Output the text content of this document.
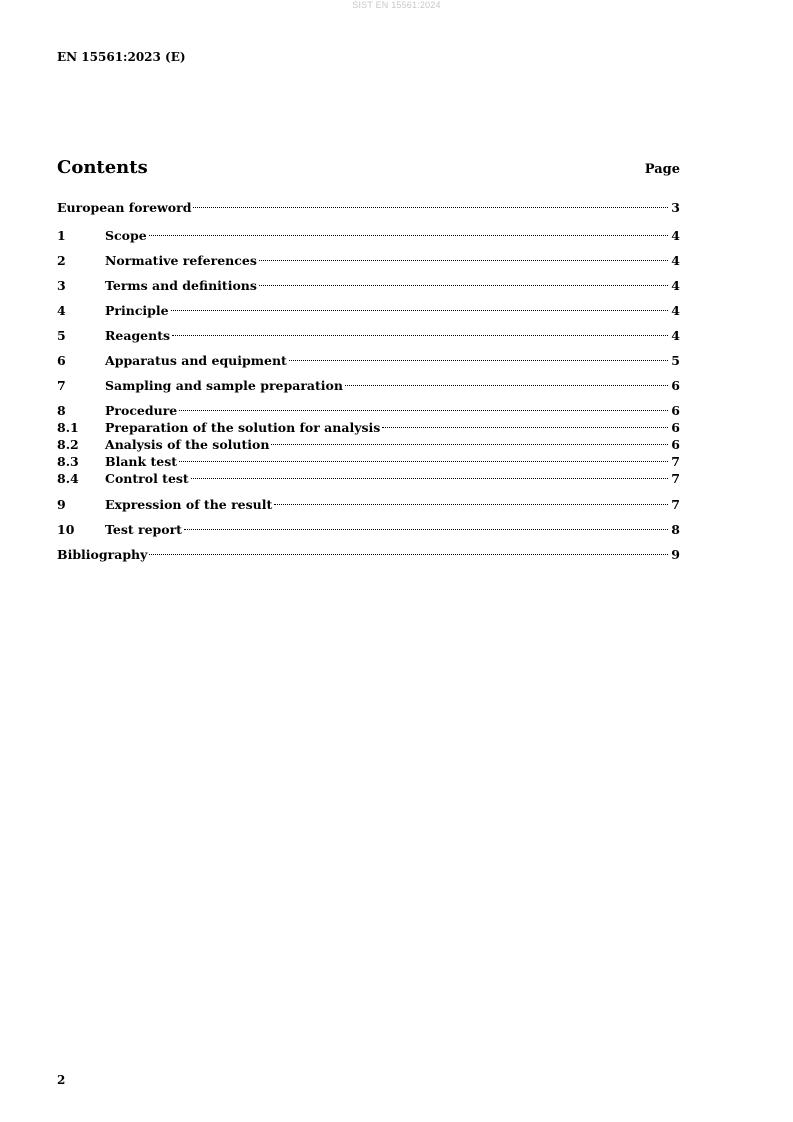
SIST EN 15561:2024
EN 15561:2023 (E)
Contents	Page
European foreword	3
1	Scope	4
2	Normative references	4
3	Terms and definitions	4
4	Principle	4
5	Reagents	4
6	Apparatus and equipment	5
7	Sampling and sample preparation	6
8	Procedure	6
8.1	Preparation of the solution for analysis	6
8.2	Analysis of the solution	6
8.3	Blank test	7
8.4	Control test	7
9	Expression of the result	7
10	Test report	8
Bibliography	9
2
